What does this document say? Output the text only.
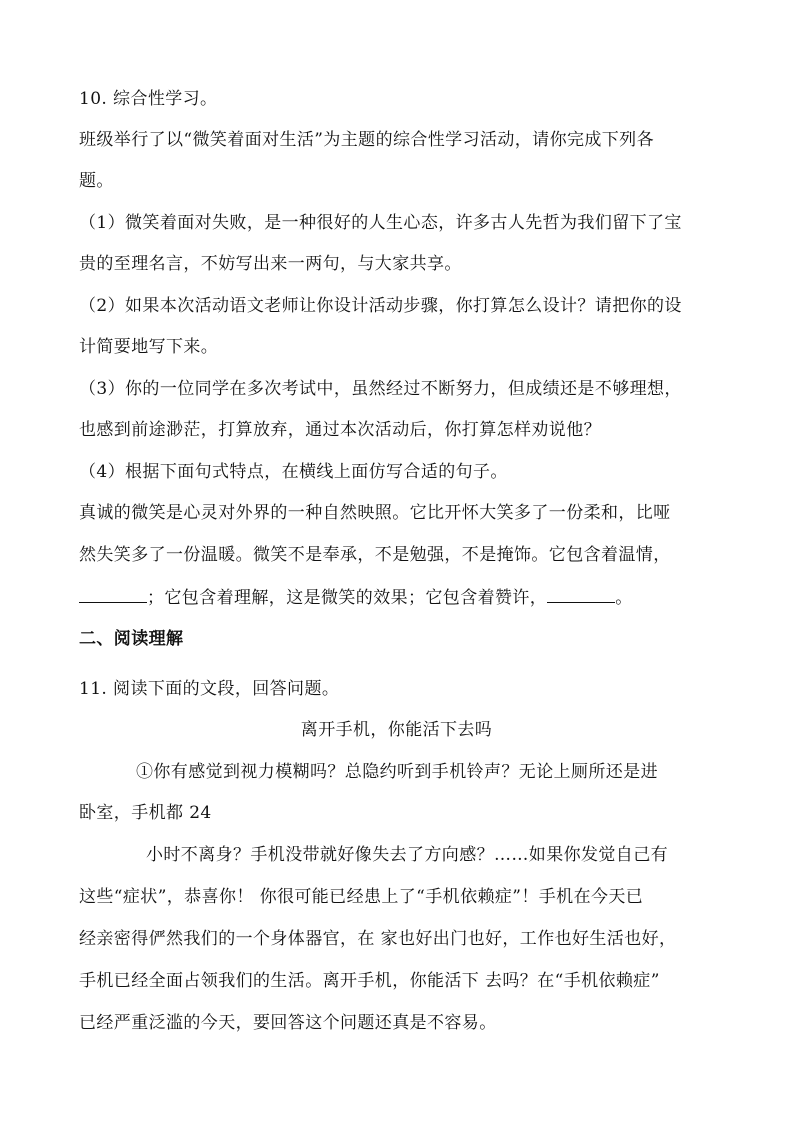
10. 综合性学习。
班级举行了以“微笑着面对生活”为主题的综合性学习活动，请你完成下列各
题。
（1）微笑着面对失败，是一种很好的人生心态，许多古人先哲为我们留下了宝
贵的至理名言，不妨写出来一两句，与大家共享。
（2）如果本次活动语文老师让你设计活动步骤，你打算怎么设计？请把你的设
计简要地写下来。
（3）你的一位同学在多次考试中，虽然经过不断努力，但成绩还是不够理想，
也感到前途渺茫，打算放弃，通过本次活动后，你打算怎样劝说他？
（4）根据下面句式特点，在横线上面仿写合适的句子。
真诚的微笑是心灵对外界的一种自然映照。它比开怀大笑多了一份柔和，比哑
然失笑多了一份温暖。微笑不是奉承，不是勉强，不是掩饰。它包含着温情，
；它包含着理解，这是微笑的效果；它包含着赞许，	。
二、阅读理解
11. 阅读下面的文段，回答问题。
离开手机，你能活下去吗
①你有感觉到视力模糊吗？总隐约听到手机铃声？无论上厕所还是进
卧室，手机都 24
小时不离身？手机没带就好像失去了方向感？……如果你发觉自己有
这些“症状”，恭喜你！ 你很可能已经患上了“手机依赖症”！手机在今天已
经亲密得俨然我们的一个身体器官，在 家也好出门也好，工作也好生活也好，
手机已经全面占领我们的生活。离开手机，你能活下 去吗？在“手机依赖症”
已经严重泛滥的今天，要回答这个问题还真是不容易。
